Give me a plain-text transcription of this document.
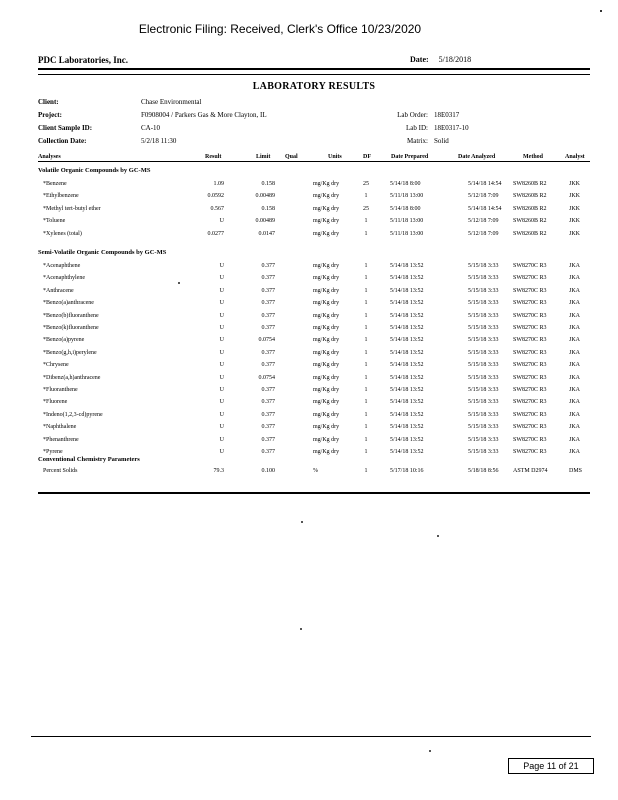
Electronic Filing: Received, Clerk's Office 10/23/2020
PDC Laboratories, Inc.	Date: 5/18/2018
LABORATORY RESULTS
Client:	Chase Environmental
Project:	F0908004 / Parkers Gas & More Clayton, IL
Client Sample ID:	CA-10
Collection Date:	5/2/18 11:30
Lab Order: 18E0317
Lab ID: 18E0317-10
Matrix: Solid
Analyses	Result	Limit Qual	Units	DF	Date Prepared	Date Analyzed	Method	Analyst
Volatile Organic Compounds by GC-MS
*Benzene	1.09	0.158	mg/Kg dry	25	5/14/18 8:00	5/14/18 14:54 SW8260B R2	JKK
*Ethylbenzene	0.0592	0.00489	mg/Kg dry	1	5/11/18 13:00	5/12/18 7:09 SW8260B R2	JKK
*Methyl tert-butyl ether	0.567	0.158	mg/Kg dry	25	5/14/18 8:00	5/14/18 14:54 SW8260B R2	JKK
*Toluene	U	0.00489	mg/Kg dry	1	5/11/18 13:00	5/12/18 7:09 SW8260B R2	JKK
*Xylenes (total)	0.0277	0.0147	mg/Kg dry	1	5/11/18 13:00	5/12/18 7:09 SW8260B R2	JKK
Semi-Volatile Organic Compounds by GC-MS
*Acenaphthene	U	0.377	mg/Kg dry	1	5/14/18 13:52	5/15/18 3:33 SW8270C R3	JKA
*Acenaphthylene	U	0.377	mg/Kg dry	1	5/14/18 13:52	5/15/18 3:33 SW8270C R3	JKA
*Anthracene	U	0.377	mg/Kg dry	1	5/14/18 13:52	5/15/18 3:33 SW8270C R3	JKA
*Benzo(a)anthracene	U	0.377	mg/Kg dry	1	5/14/18 13:52	5/15/18 3:33 SW8270C R3	JKA
*Benzo(b)fluoranthene	U	0.377	mg/Kg dry	1	5/14/18 13:52	5/15/18 3:33 SW8270C R3	JKA
*Benzo(k)fluoranthene	U	0.377	mg/Kg dry	1	5/14/18 13:52	5/15/18 3:33 SW8270C R3	JKA
*Benzo(a)pyrene	U	0.0754	mg/Kg dry	1	5/14/18 13:52	5/15/18 3:33 SW8270C R3	JKA
*Benzo(g,h,i)perylene	U	0.377	mg/Kg dry	1	5/14/18 13:52	5/15/18 3:33 SW8270C R3	JKA
*Chrysene	U	0.377	mg/Kg dry	1	5/14/18 13:52	5/15/18 3:33 SW8270C R3	JKA
*Dibenz(a,h)anthracene	U	0.0754	mg/Kg dry	1	5/14/18 13:52	5/15/18 3:33 SW8270C R3	JKA
*Fluoranthene	U	0.377	mg/Kg dry	1	5/14/18 13:52	5/15/18 3:33 SW8270C R3	JKA
*Fluorene	U	0.377	mg/Kg dry	1	5/14/18 13:52	5/15/18 3:33 SW8270C R3	JKA
*Indeno(1,2,3-cd)pyrene	U	0.377	mg/Kg dry	1	5/14/18 13:52	5/15/18 3:33 SW8270C R3	JKA
*Naphthalene	U	0.377	mg/Kg dry	1	5/14/18 13:52	5/15/18 3:33 SW8270C R3	JKA
*Phenanthrene	U	0.377	mg/Kg dry	1	5/14/18 13:52	5/15/18 3:33 SW8270C R3	JKA
*Pyrene	U	0.377	mg/Kg dry	1	5/14/18 13:52	5/15/18 3:33 SW8270C R3	JKA
Conventional Chemistry Parameters
Percent Solids	79.3	0.100	%	1	5/17/18 10:16	5/18/18 8:56 ASTM D2974	DMS
Page 11 of 21
